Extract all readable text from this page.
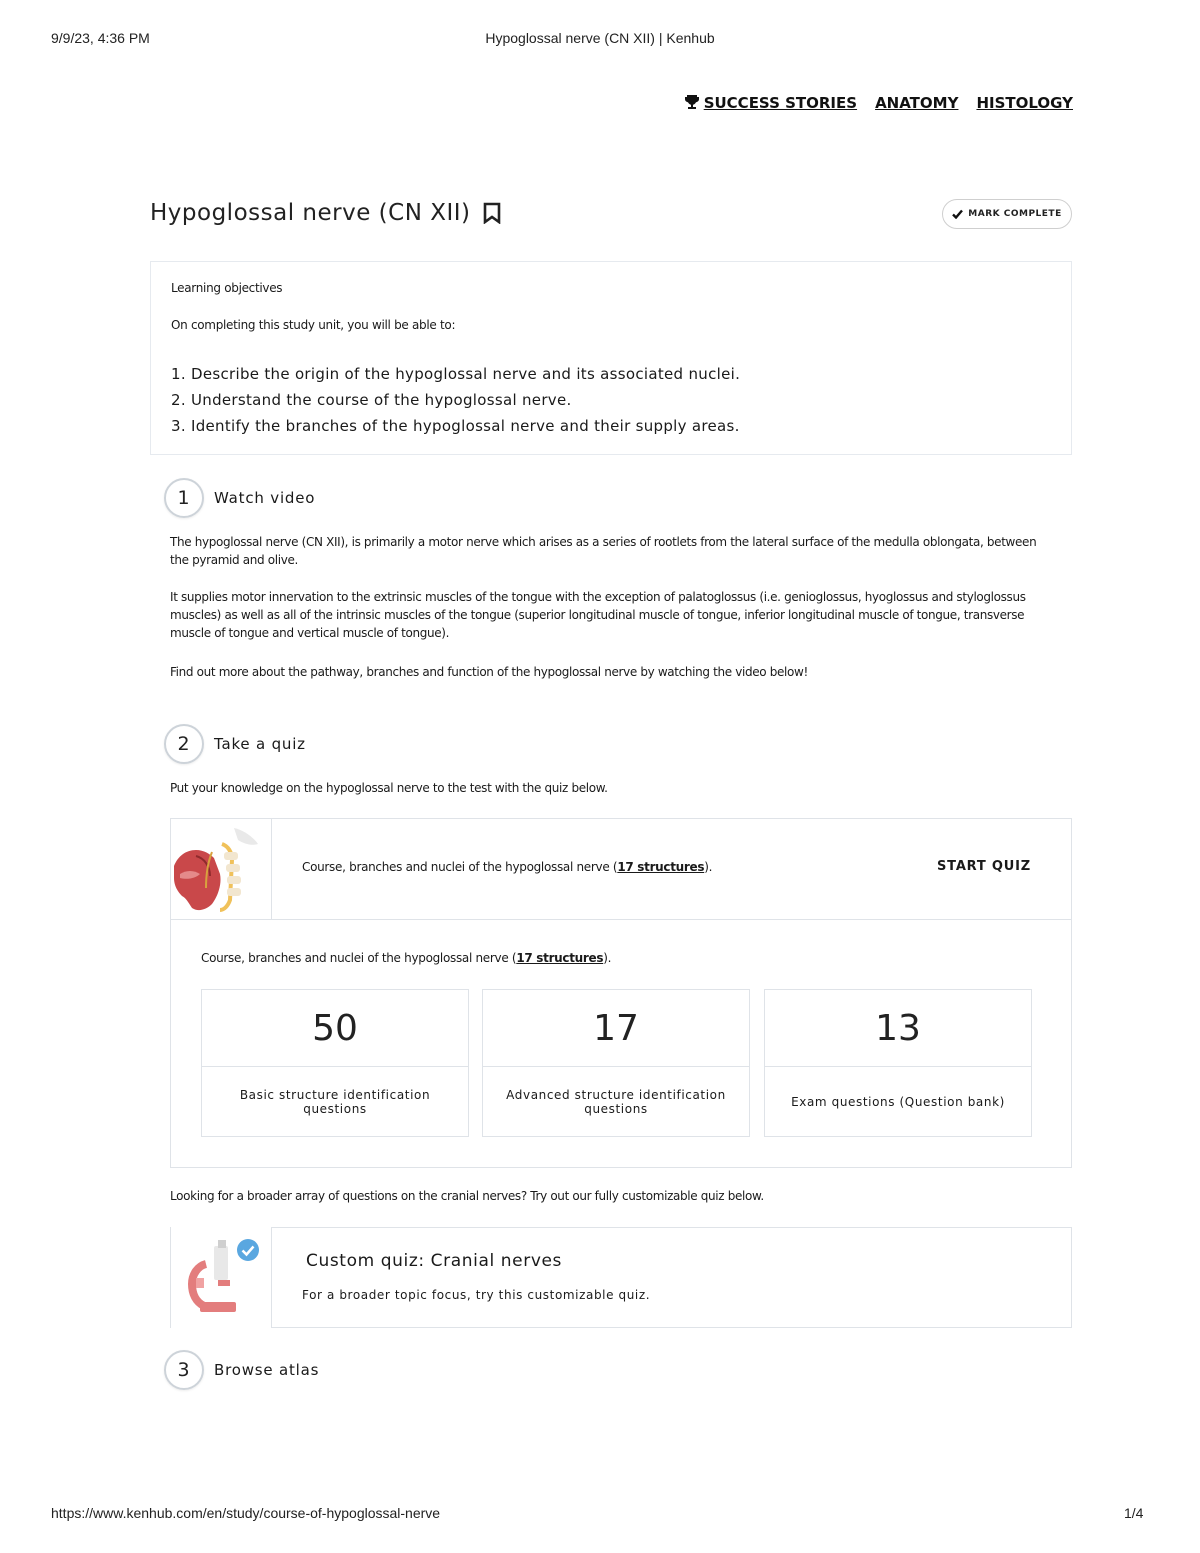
9/9/23, 4:36 PM	Hypoglossal nerve (CN XII) | Kenhub
SUCCESS STORIES ANATOMY HISTOLOGY
Hypoglossal nerve (CN XII)	MARK COMPLETE
Learning objectives
On completing this study unit, you will be able to:
1. Describe the origin of the hypoglossal nerve and its associated nuclei.
2. Understand the course of the hypoglossal nerve.
3. Identify the branches of the hypoglossal nerve and their supply areas.
1	Watch video

The hypoglossal nerve (CN XII), is primarily a motor nerve which arises as a series of rootlets from the lateral surface of the medulla oblongata, between the pyramid and olive.

It supplies motor innervation to the extrinsic muscles of the tongue with the exception of palatoglossus (i.e. genioglossus, hyoglossus and styloglossus muscles) as well as all of the intrinsic muscles of the tongue (superior longitudinal muscle of tongue, inferior longitudinal muscle of tongue, transverse muscle of tongue and vertical muscle of tongue).

Find out more about the pathway, branches and function of the hypoglossal nerve by watching the video below!

2	Take a quiz

Put your knowledge on the hypoglossal nerve to the test with the quiz below.

Course, branches and nuclei of the hypoglossal nerve (17 structures).	START QUIZ
Course, branches and nuclei of the hypoglossal nerve (17 structures).
50
Basic structure identification questions
17
Advanced structure identification questions
13
Exam questions (Question bank)

Looking for a broader array of questions on the cranial nerves? Try out our fully customizable quiz below.

Custom quiz: Cranial nerves
For a broader topic focus, try this customizable quiz.
3	Browse atlas
https://www.kenhub.com/en/study/course-of-hypoglossal-nerve	1/4
